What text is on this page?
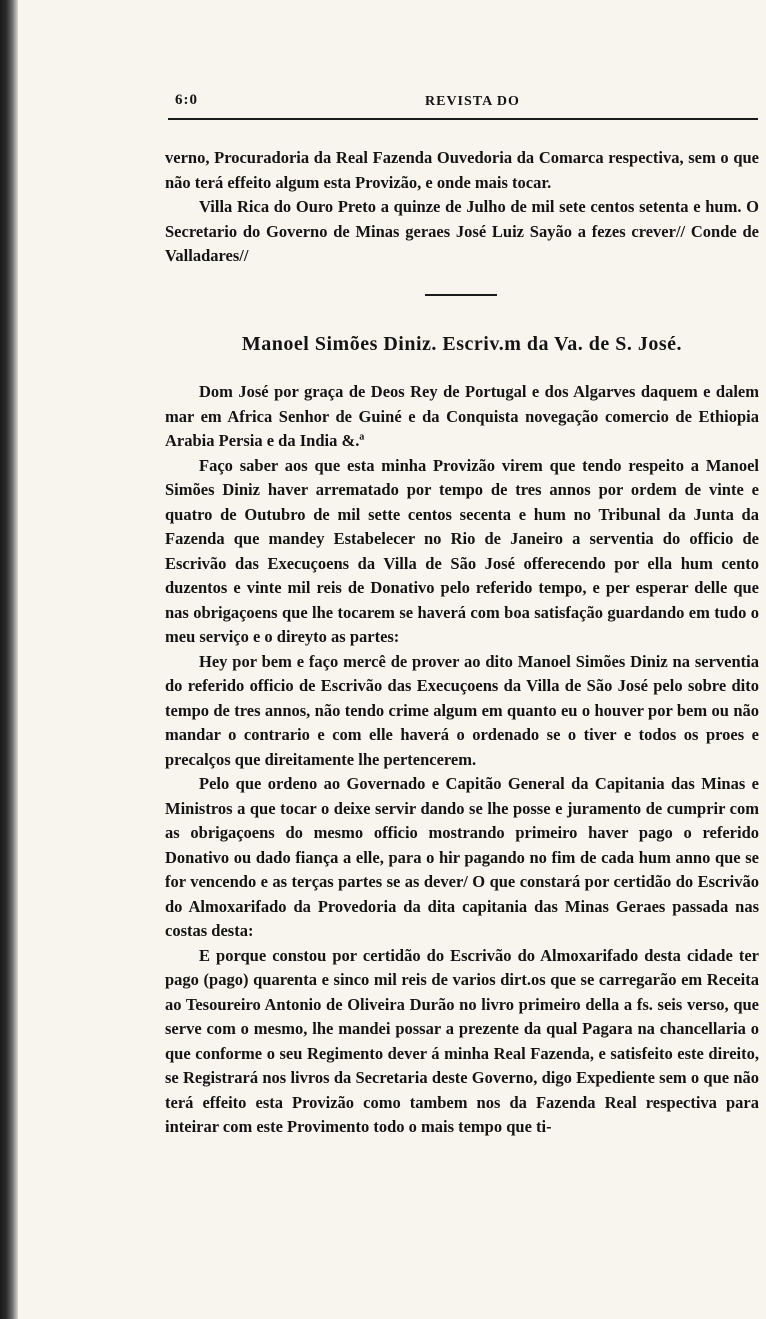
6:0	REVISTA DO

verno, Procuradoria da Real Fazenda Ouvedoria da Comarca respectiva, sem o que não terá effeito algum esta Provizão, e onde mais tocar.

Villa Rica do Ouro Preto a quinze de Julho de mil sete centos setenta e hum. O Secretario do Governo de Minas geraes José Luiz Sayão a fezes crever// Conde de Valladares//

Manoel Simões Diniz. Escriv.m da Va. de S. José.

Dom José por graça de Deos Rey de Portugal e dos Algarves daquem e dalem mar em Africa Senhor de Guiné e da Conquista novegação comercio de Ethiopia Arabia Persia e da India &.ª

Faço saber aos que esta minha Provizão virem que tendo respeito a Manoel Simões Diniz haver arrematado por tempo de tres annos por ordem de vinte e quatro de Outubro de mil sette centos secenta e hum no Tribunal da Junta da Fazenda que mandey Estabelecer no Rio de Janeiro a serventia do officio de Escrivão das Execuçoens da Villa de São José offerecendo por ella hum cento duzentos e vinte mil reis de Donativo pelo referido tempo, e per esperar delle que nas obrigaçoens que lhe tocarem se haverá com boa satisfação guardando em tudo o meu serviço e o direyto as partes:

Hey por bem e faço mercê de prover ao dito Manoel Simões Diniz na serventia do referido officio de Escrivão das Execuçoens da Villa de São José pelo sobre dito tempo de tres annos, não tendo crime algum em quanto eu o houver por bem ou não mandar o contrario e com elle haverá o ordenado se o tiver e todos os proes e precalços que direitamente lhe pertencerem.

Pelo que ordeno ao Governado e Capitão General da Capitania das Minas e Ministros a que tocar o deixe servir dando se lhe posse e juramento de cumprir com as obrigaçoens do mesmo officio mostrando primeiro haver pago o referido Donativo ou dado fiança a elle, para o hir pagando no fim de cada hum anno que se for vencendo e as terças partes se as dever/ O que constará por certidão do Escrivão do Almoxarifado da Provedoria da dita capitania das Minas Geraes passada nas costas desta:

E porque constou por certidão do Escrivão do Almoxarifado desta cidade ter pago (pago) quarenta e sinco mil reis de varios dirt.os que se carregarão em Receita ao Tesoureiro Antonio de Oliveira Durão no livro primeiro della a fs. seis verso, que serve com o mesmo, lhe mandei possar a prezente da qual Pagara na chancellaria o que conforme o seu Regimento dever á minha Real Fazenda, e satisfeito este direito, se Registrará nos livros da Secretaria deste Governo, digo Expediente sem o que não terá effeito esta Provizão como tambem nos da Fazenda Real respectiva para inteirar com este Provimento todo o mais tempo que ti-
